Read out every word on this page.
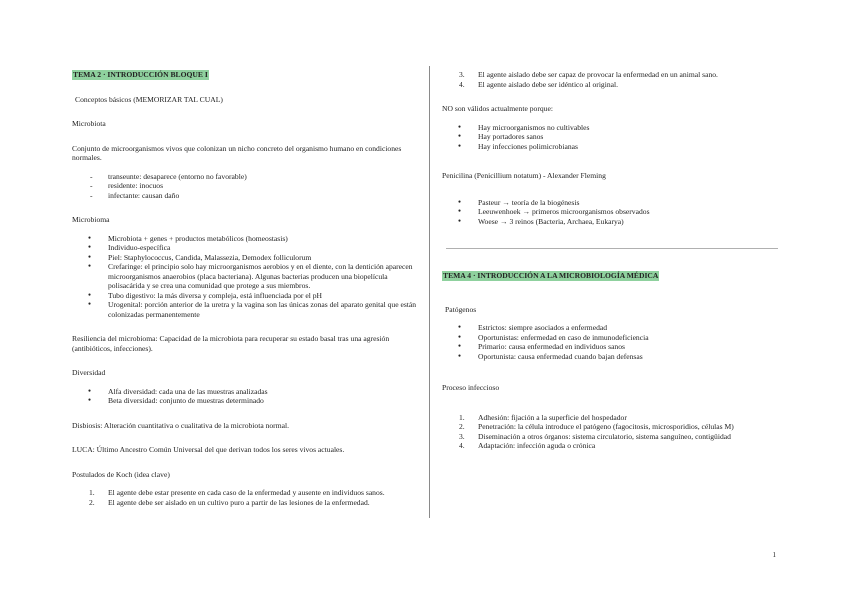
TEMA 2 · INTRODUCCIÓN BLOQUE I

Conceptos básicos (MEMORIZAR TAL CUAL)

Microbiota

Conjunto de microorganismos vivos que colonizan un nicho concreto del organismo humano en condiciones normales.

- transeunte: desaparece (entorno no favorable)
- residente: inocuos
- infectante: causan daño

Microbioma

● Microbiota + genes + productos metabólicos (homeostasis)
● Individuo-específica
● Piel: Staphylococcus, Candida, Malassezia, Demodex folliculorum
● Crefaringe: el principio solo hay microorganismos aerobios y en el diente, con la dentición aparecen microorganismos anaerobios (placa bacteriana). Algunas bacterias producen una biopelícula polisacárida y se crea una comunidad que protege a sus miembros.
● Tubo digestivo: la más diversa y compleja, está influenciada por el pH
● Urogenital: porción anterior de la uretra y la vagina son las únicas zonas del aparato genital que están colonizadas permanentemente

Resiliencia del microbioma: Capacidad de la microbiota para recuperar su estado basal tras una agresión (antibióticos, infecciones).

Diversidad

● Alfa diversidad: cada una de las muestras analizadas
● Beta diversidad: conjunto de muestras determinado

Disbiosis: Alteración cuantitativa o cualitativa de la microbiota normal.

LUCA: Último Ancestro Común Universal del que derivan todos los seres vivos actuales.

Postulados de Koch (idea clave)

1. El agente debe estar presente en cada caso de la enfermedad y ausente en individuos sanos.
2. El agente debe ser aislado en un cultivo puro a partir de las lesiones de la enfermedad.
3. El agente aislado debe ser capaz de provocar la enfermedad en un animal sano.
4. El agente aislado debe ser idéntico al original.

NO son válidos actualmente porque:

● Hay microorganismos no cultivables
● Hay portadores sanos
● Hay infecciones polimicrobianas

Penicilina (Penicillium notatum) - Alexander Fleming

● Pasteur → teoría de la biogénesis
● Leeuwenhoek → primeros microorganismos observados
● Woese → 3 reinos (Bacteria, Archaea, Eukarya)

TEMA 4 · INTRODUCCIÓN A LA MICROBIOLOGÍA MÉDICA

Patógenos

● Estrictos: siempre asociados a enfermedad
● Oportunistas: enfermedad en caso de inmunodeficiencia
● Primario: causa enfermedad en individuos sanos
● Oportunista: causa enfermedad cuando bajan defensas

Proceso infeccioso

1. Adhesión: fijación a la superficie del hospedador
2. Penetración: la célula introduce el patógeno (fagocitosis, microsporidios, células M)
3. Diseminación a otros órganos: sistema circulatorio, sistema sanguíneo, contigüidad
4. Adaptación: infección aguda o crónica
1
